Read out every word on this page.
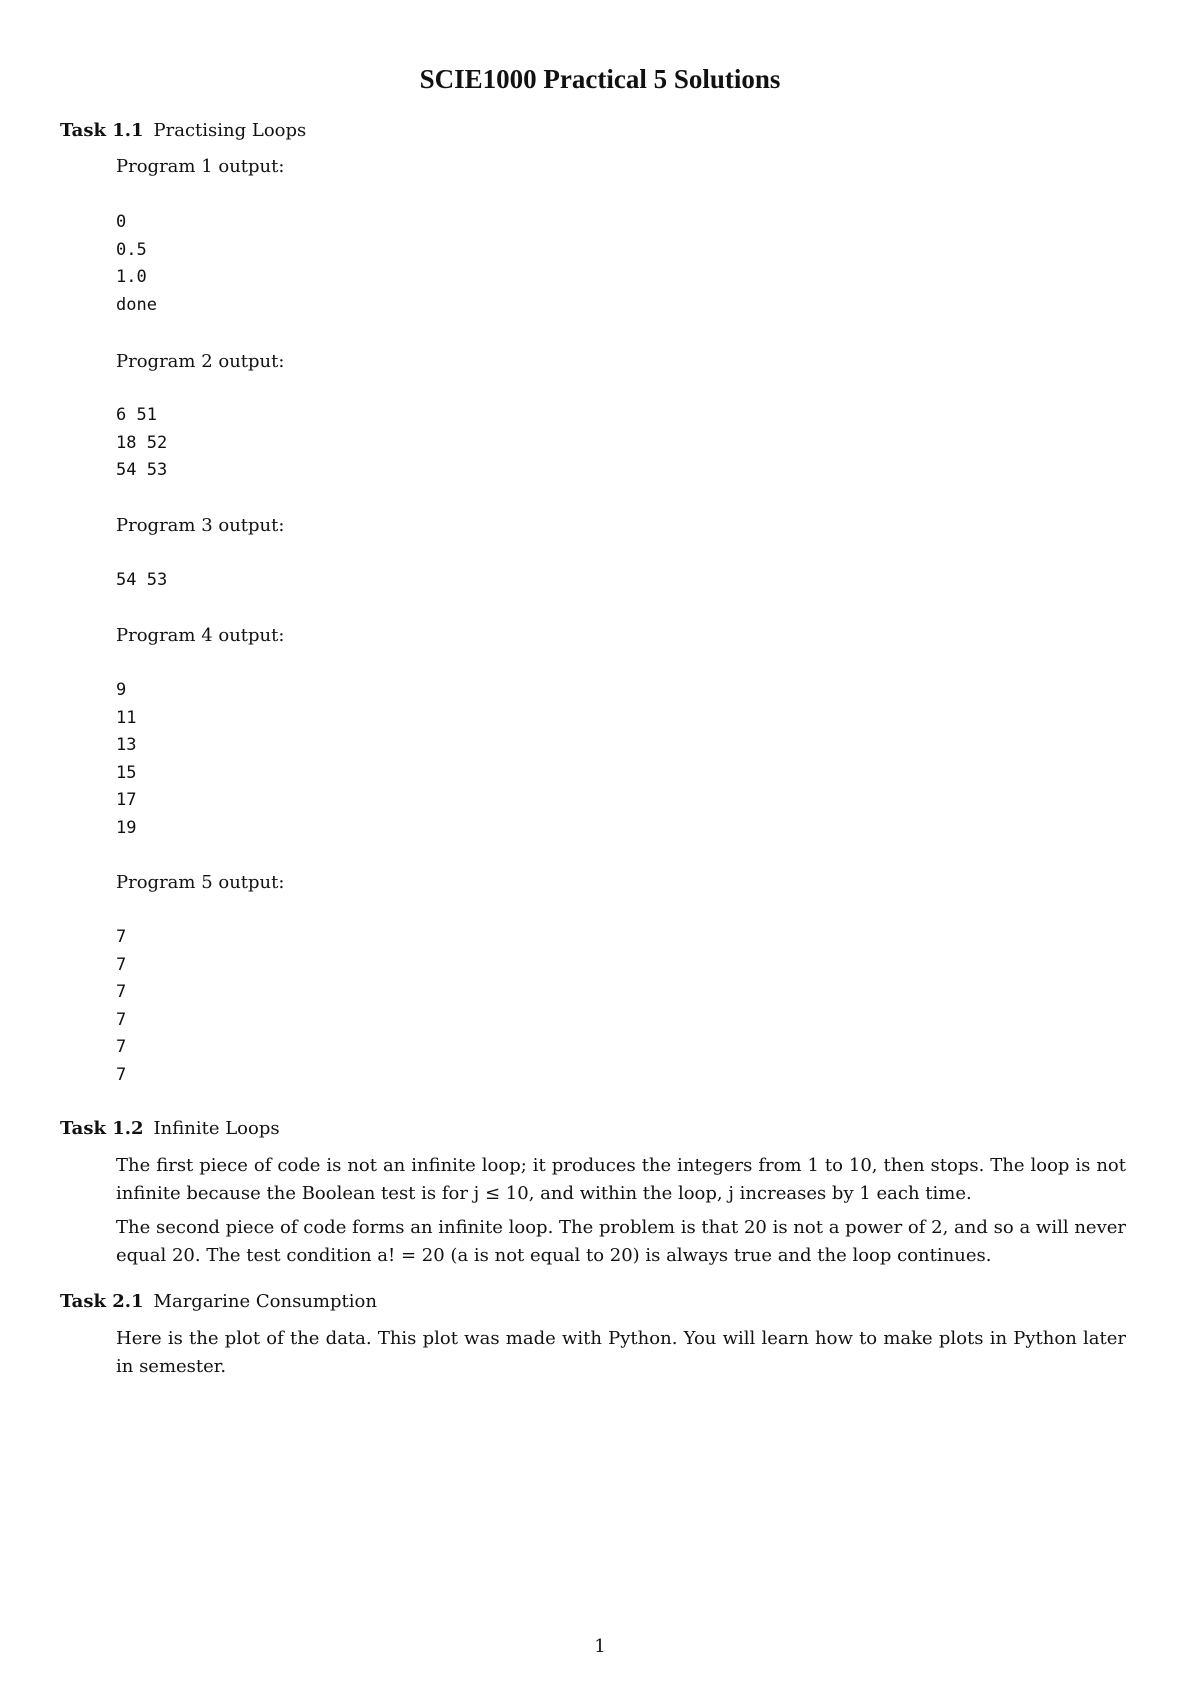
SCIE1000 Practical 5 Solutions

Task 1.1 Practising Loops

Program 1 output:

0
0.5
1.0
done

Program 2 output:

6 51
18 52
54 53

Program 3 output:

54 53

Program 4 output:

9
11
13
15
17
19

Program 5 output:

7
7
7
7
7
7

Task 1.2 Infinite Loops

The first piece of code is not an infinite loop; it produces the integers from 1 to 10, then stops. The loop is not infinite because the Boolean test is for j ≤ 10, and within the loop, j increases by 1 each time.

The second piece of code forms an infinite loop. The problem is that 20 is not a power of 2, and so a will never equal 20. The test condition a! = 20 (a is not equal to 20) is always true and the loop continues.

Task 2.1 Margarine Consumption

Here is the plot of the data. This plot was made with Python. You will learn how to make plots in Python later in semester.

1
